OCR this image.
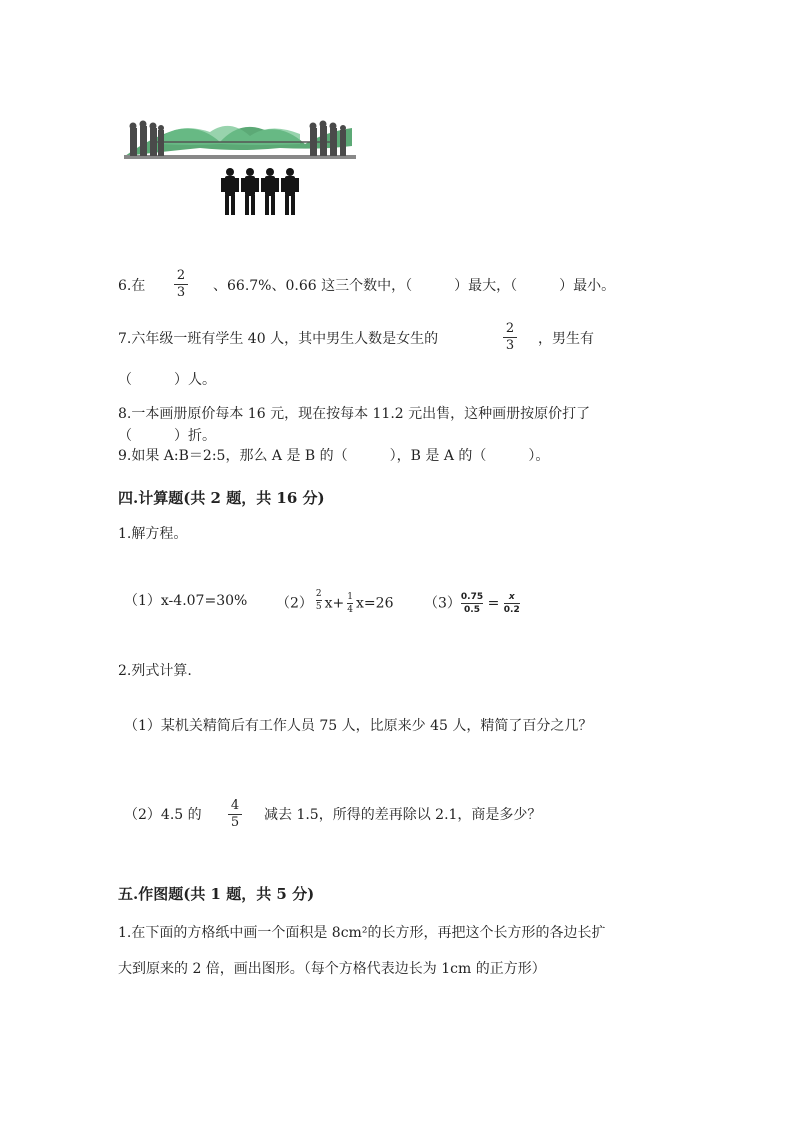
6.在
2
3 、66.7%、0.66 这三个数中，（　　　）最大，（　　　）最小。
7.六年级一班有学生 40 人，其中男生人数是女生的
2
3 ，男生有
（　　　）人。
8.一本画册原价每本 16 元，现在按每本 11.2 元出售，这种画册按原价打了
（　　　）折。
9.如果 A:B＝2:5，那么 A 是 B 的（　　　），B 是 A 的（　　　）。
四.计算题(共 2 题，共 16 分)
1.解方程。
（1）x-4.07=30% $(2) \frac{2}{5} x+ \frac{1}{4} x=26$ $(3)\frac{0.75}{0.5} = \frac{x}{0.2}$
2.列式计算.
（1）某机关精简后有工作人员 75 人，比原来少 45 人，精简了百分之几？
（2）4.5 的
4
5 减去 1.5，所得的差再除以 2.1，商是多少？
五.作图题(共 1 题，共 5 分)
1.在下面的方格纸中画一个面积是 8cm²的长方形，再把这个长方形的各边长扩
大到原来的 2 倍，画出图形。（每个方格代表边长为 1cm 的正方形）
